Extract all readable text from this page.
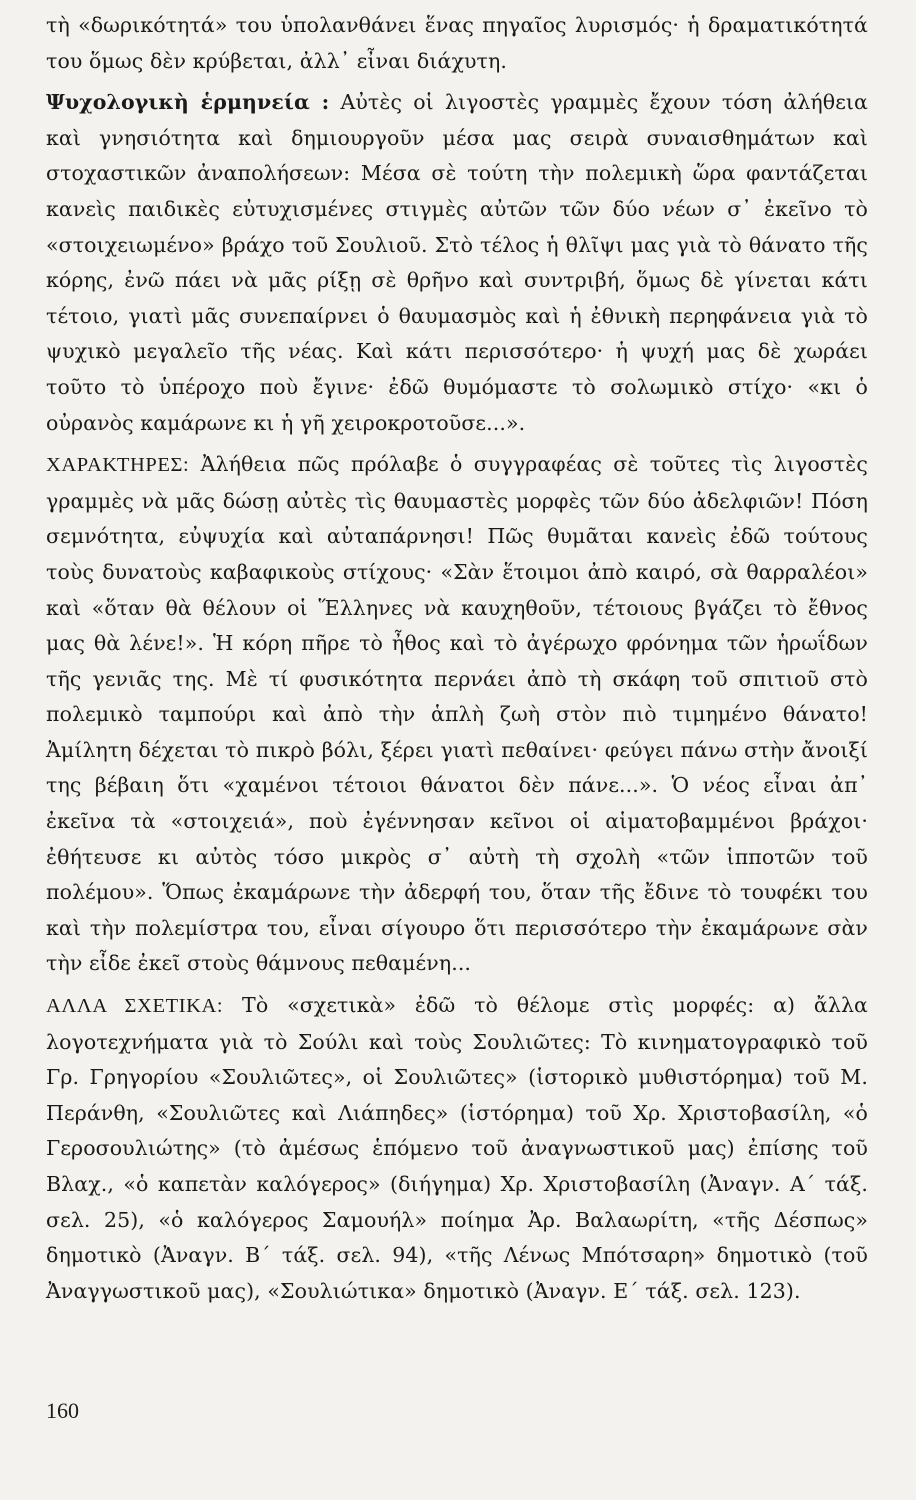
τὴ «δωρικότητά» του ὑπολανθάνει ἕνας πηγαῖος λυρισμός· ἡ δραματικότητά του ὅμως δὲν κρύβεται, ἀλλ᾿ εἶναι διάχυτη.

Ψυχολογικὴ ἑρμηνεία : Αὐτὲς οἱ λιγοστὲς γραμμὲς ἔχουν τόση ἀλήθεια καὶ γνησιότητα καὶ δημιουργοῦν μέσα μας σειρὰ συναισθημάτων καὶ στοχαστικῶν ἀναπολήσεων: Μέσα σὲ τούτη τὴν πολεμικὴ ὥρα φαντάζεται κανεὶς παιδικὲς εὐτυχισμένες στιγμὲς αὐτῶν τῶν δύο νέων σ᾿ ἐκεῖνο τὸ «στοιχειωμένο» βράχο τοῦ Σουλιοῦ. Στὸ τέλος ἡ θλῖψι μας γιὰ τὸ θάνατο τῆς κόρης, ἐνῶ πάει νὰ μᾶς ρίξῃ σὲ θρῆνο καὶ συντριβή, ὅμως δὲ γίνεται κάτι τέτοιο, γιατὶ μᾶς συνεπαίρνει ὁ θαυμασμὸς καὶ ἡ ἐθνικὴ περηφάνεια γιὰ τὸ ψυχικὸ μεγαλεῖο τῆς νέας. Καὶ κάτι περισσότερο· ἡ ψυχή μας δὲ χωράει τοῦτο τὸ ὑπέροχο ποὺ ἔγινε· ἐδῶ θυμόμαστε τὸ σολωμικὸ στίχο· «κι ὁ οὐρανὸς καμάρωνε κι ἡ γῆ χειροκροτοῦσε...».

ΧΑΡΑΚΤΗΡΕΣ: Ἀλήθεια πῶς πρόλαβε ὁ συγγραφέας σὲ τοῦτες τὶς λιγοστὲς γραμμὲς νὰ μᾶς δώσῃ αὐτὲς τὶς θαυμαστὲς μορφὲς τῶν δύο ἀδελφιῶν! Πόση σεμνότητα, εὐψυχία καὶ αὐταπάρνησι! Πῶς θυμᾶται κανεὶς ἐδῶ τούτους τοὺς δυνατοὺς καβαφικοὺς στίχους· «Σὰν ἕτοιμοι ἀπὸ καιρό, σὰ θαρραλέοι» καὶ «ὅταν θὰ θέλουν οἱ Ἕλληνες νὰ καυχηθοῦν, τέτοιους βγάζει τὸ ἔθνος μας θὰ λένε!». Ἡ κόρη πῆρε τὸ ἦθος καὶ τὸ ἀγέρωχο φρόνημα τῶν ἡρωΐδων τῆς γενιᾶς της. Μὲ τί φυσικότητα περνάει ἀπὸ τὴ σκάφη τοῦ σπιτιοῦ στὸ πολεμικὸ ταμπούρι καὶ ἀπὸ τὴν ἁπλὴ ζωὴ στὸν πιὸ τιμημένο θάνατο! Ἀμίλητη δέχεται τὸ πικρὸ βόλι, ξέρει γιατὶ πεθαίνει· φεύγει πάνω στὴν ἄνοιξί της βέβαιη ὅτι «χαμένοι τέτοιοι θάνατοι δὲν πάνε...». Ὁ νέος εἶναι ἀπ᾿ ἐκεῖνα τὰ «στοιχειά», ποὺ ἐγέννησαν κεῖνοι οἱ αἱματοβαμμένοι βράχοι· ἐθήτευσε κι αὐτὸς τόσο μικρὸς σ᾿ αὐτὴ τὴ σχολὴ «τῶν ἱπποτῶν τοῦ πολέμου». Ὅπως ἐκαμάρωνε τὴν ἀδερφή του, ὅταν τῆς ἔδινε τὸ τουφέκι του καὶ τὴν πολεμίστρα του, εἶναι σίγουρο ὅτι περισσότερο τὴν ἐκαμάρωνε σὰν τὴν εἶδε ἐκεῖ στοὺς θάμνους πεθαμένη...

ΑΛΛΑ ΣΧΕΤΙΚΑ: Τὸ «σχετικὰ» ἐδῶ τὸ θέλομε στὶς μορφές: α) ἄλλα λογοτεχνήματα γιὰ τὸ Σούλι καὶ τοὺς Σουλιῶτες: Τὸ κινηματογραφικὸ τοῦ Γρ. Γρηγορίου «Σουλιῶτες», οἱ Σουλιῶτες» (ἱστορικὸ μυθιστόρημα) τοῦ Μ. Περάνθη, «Σουλιῶτες καὶ Λιάπηδες» (ἱστόρημα) τοῦ Χρ. Χριστοβασίλη, «ὁ Γεροσουλιώτης» (τὸ ἀμέσως ἑπόμενο τοῦ ἀναγνωστικοῦ μας) ἐπίσης τοῦ Βλαχ., «ὁ καπετὰν καλόγερος» (διήγημα) Χρ. Χριστοβασίλη (Ἀναγν. Α΄ τάξ. σελ. 25), «ὁ καλόγερος Σαμουήλ» ποίημα Ἀρ. Βαλαωρίτη, «τῆς Δέσπως» δημοτικὸ (Ἀναγν. Β΄ τάξ. σελ. 94), «τῆς Λένως Μπότσαρη» δημοτικὸ (τοῦ Ἀναγγωστικοῦ μας), «Σουλιώτικα» δημοτικὸ (Ἀναγν. Ε΄ τάξ. σελ. 123).

160
